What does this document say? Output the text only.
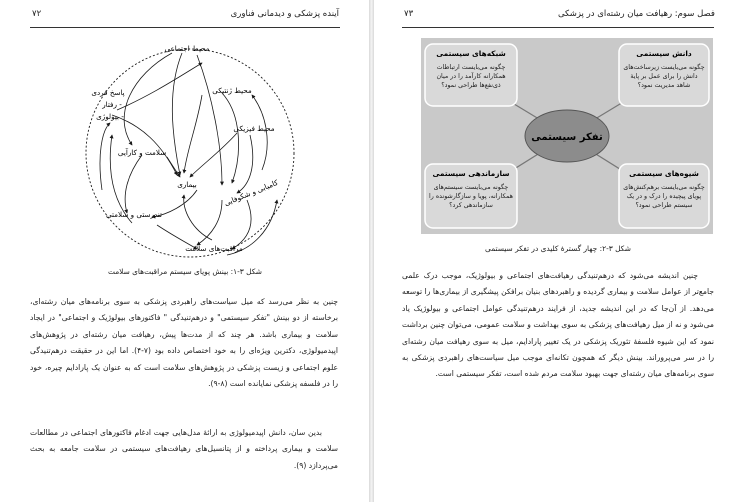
۷۲	آینده پزشکی و دیدمانی فناوری
محیط اجتماعی
محیط ژنتیکی
محیط فیزیکی
پاسخ فردی
- رفتار
- بیولوژی
سلامت و کارآیی
بیماری	کامیابی و شکوفایی
تندرستی و سلامتی
مراقبت‌های سلامت
شکل ۳-۱: بینش پویای سیستم مراقبت‌های سلامت

چنین به نظر می‌رسد که میل سیاست‌های راهبردی پزشکی به سوی برنامه‌های میان رشته‌ای، برخاسته از دو بینش "تفکر سیستمی" و درهم‌تنیدگی " فاکتورهای بیولوژیک و اجتماعی" در ایجاد سلامت و بیماری باشد. هر چند که از مدت‌ها پیش، رهیافت میان رشته‌ای در پژوهش‌های اپیدمیولوژی، دکترین ویژه‌ای را به خود اختصاص داده بود (۷-۴). اما این در حقیقت درهم‌تنیدگی علوم اجتماعی و زیست پزشکی در پژوهش‌های سلامت است که به عنوان یک پارادایم چیره، خود را در فلسفه پزشکی نمایانده است (۸-۹).

بدین سان، دانش اپیدمیولوژی به ارائهٔ مدل‌هایی جهت ادغام فاکتورهای اجتماعی در مطالعات سلامت و بیماری پرداخته و از پتانسیل‌های رهیافت‌های سیستمی در سلامت جامعه به بحث می‌پردازد (۹).

۷۳	فصل سوم: رهیافت میان رشته‌ای در پزشکی
شبکه‌های سیستمی	دانش سیستمی
سازماندهی سیستمی	شیوه‌های سیستمی
تفکر سیستمی
چگونه می‌بایست ارتباطات همکارانه کارآمد را در میان ذی‌نفع‌ها طراحی نمود؟
چگونه می‌بایست زیرساخت‌های دانش را برای عمل بر پایهٔ شاهد مدیریت نمود؟
چگونه می‌بایست سیستم‌های همکارانه، پویا و سازگارشونده را سازماندهی کرد؟
چگونه می‌بایست برهم‌کنش‌های پویای پیچیده را درک و در یک سیستم طراحی نمود؟
شکل ۳-۲: چهار گسترهٔ کلیدی در تفکر سیستمی

چنین اندیشه می‌شود که درهم‌تنیدگی رهیافت‌های اجتماعی و بیولوژیک، موجب درک علمی جامع‌تر از عوامل سلامت و بیماری گردیده و راهبردهای بنیان برافکن پیشگیری از بیماری‌ها را توسعه می‌دهد. از آن‌جا که در این اندیشه جدید، از فرایند درهم‌تنیدگی عوامل اجتماعی و بیولوژیک یاد می‌شود و نه از میل رهیافت‌های پزشکی به سوی بهداشت و سلامت عمومی، می‌توان چنین برداشت نمود که این شیوه فلسفهٔ تئوریک پزشکی در یک تغییر پارادایم، میل به سوی رهیافت میان رشته‌ای را در سر می‌پروراند. بینش دیگر که همچون تکانه‌ای موجب میل سیاست‌های راهبردی پزشکی به سوی برنامه‌های میان رشته‌ای جهت بهبود سلامت مردم شده است، تفکر سیستمی است.
